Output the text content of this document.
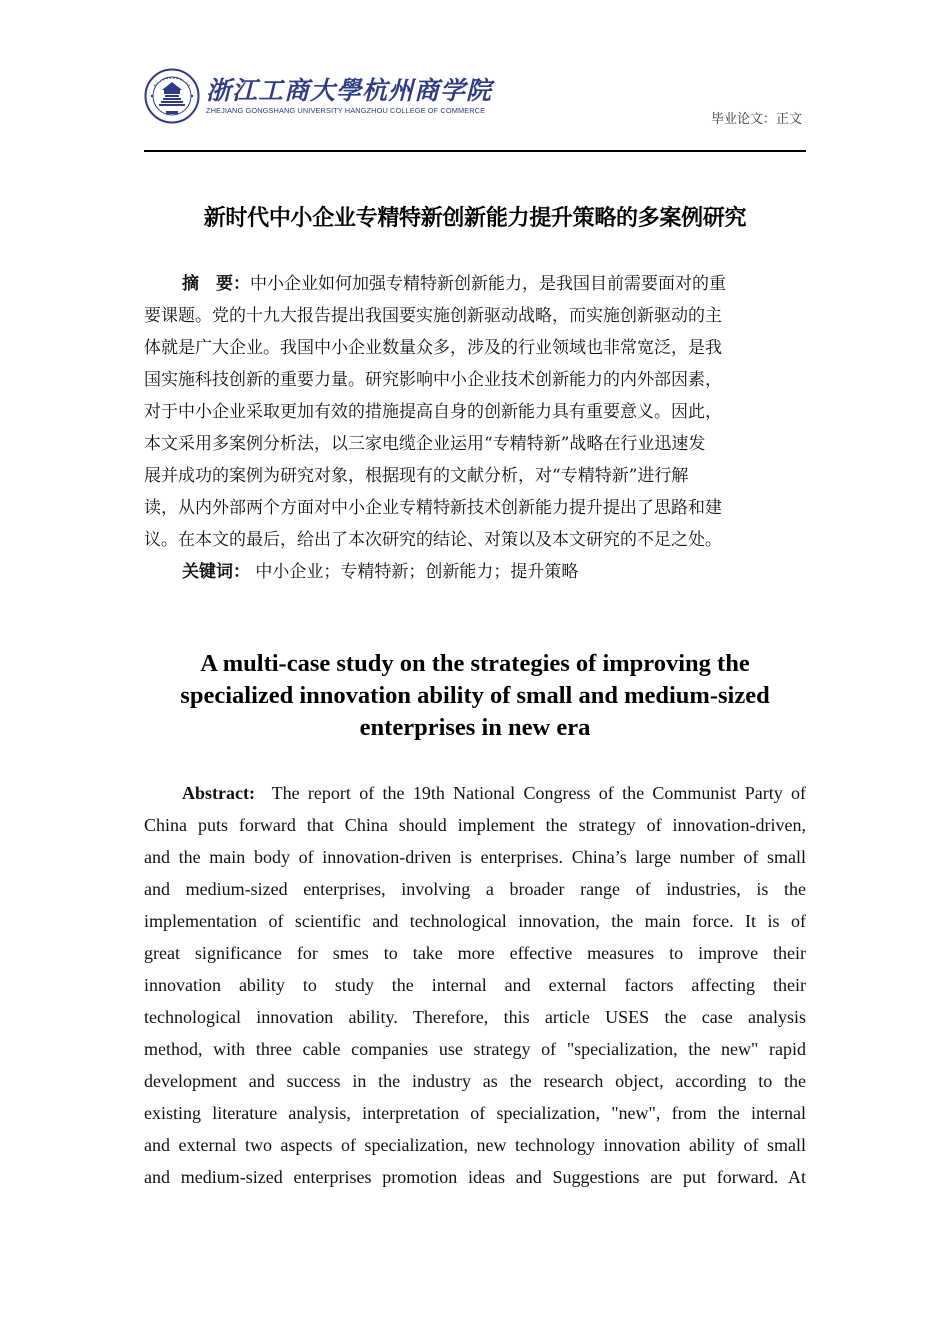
浙江工商大學杭州商学院
ZHEJIANG GONGSHANG UNIVERSITY HANGZHOU COLLEGE OF COMMERCE
毕业论文：正文
新时代中小企业专精特新创新能力提升策略的多案例研究
摘　要：中小企业如何加强专精特新创新能力，是我国目前需要面对的重
要课题。党的十九大报告提出我国要实施创新驱动战略，而实施创新驱动的主
体就是广大企业。我国中小企业数量众多，涉及的行业领域也非常宽泛，是我
国实施科技创新的重要力量。研究影响中小企业技术创新能力的内外部因素，
对于中小企业采取更加有效的措施提高自身的创新能力具有重要意义。因此，
本文采用多案例分析法，以三家电缆企业运用“专精特新”战略在行业迅速发
展并成功的案例为研究对象，根据现有的文献分析，对“专精特新”进行解
读，从内外部两个方面对中小企业专精特新技术创新能力提升提出了思路和建
议。在本文的最后，给出了本次研究的结论、对策以及本文研究的不足之处。
关键词： 中小企业；专精特新；创新能力；提升策略
A multi-case study on the strategies of improving the
specialized innovation ability of small and medium-sized
enterprises in new era
Abstract: The report of the 19th National Congress of the Communist Party of
China puts forward that China should implement the strategy of innovation-driven,
and the main body of innovation-driven is enterprises. China’s large number of small
and medium-sized enterprises, involving a broader range of industries, is the
implementation of scientific and technological innovation, the main force. It is of
great significance for smes to take more effective measures to improve their
innovation ability to study the internal and external factors affecting their
technological innovation ability. Therefore, this article USES the case analysis
method, with three cable companies use strategy of "specialization, the new" rapid
development and success in the industry as the research object, according to the
existing literature analysis, interpretation of specialization, "new", from the internal
and external two aspects of specialization, new technology innovation ability of small
and medium-sized enterprises promotion ideas and Suggestions are put forward. At
